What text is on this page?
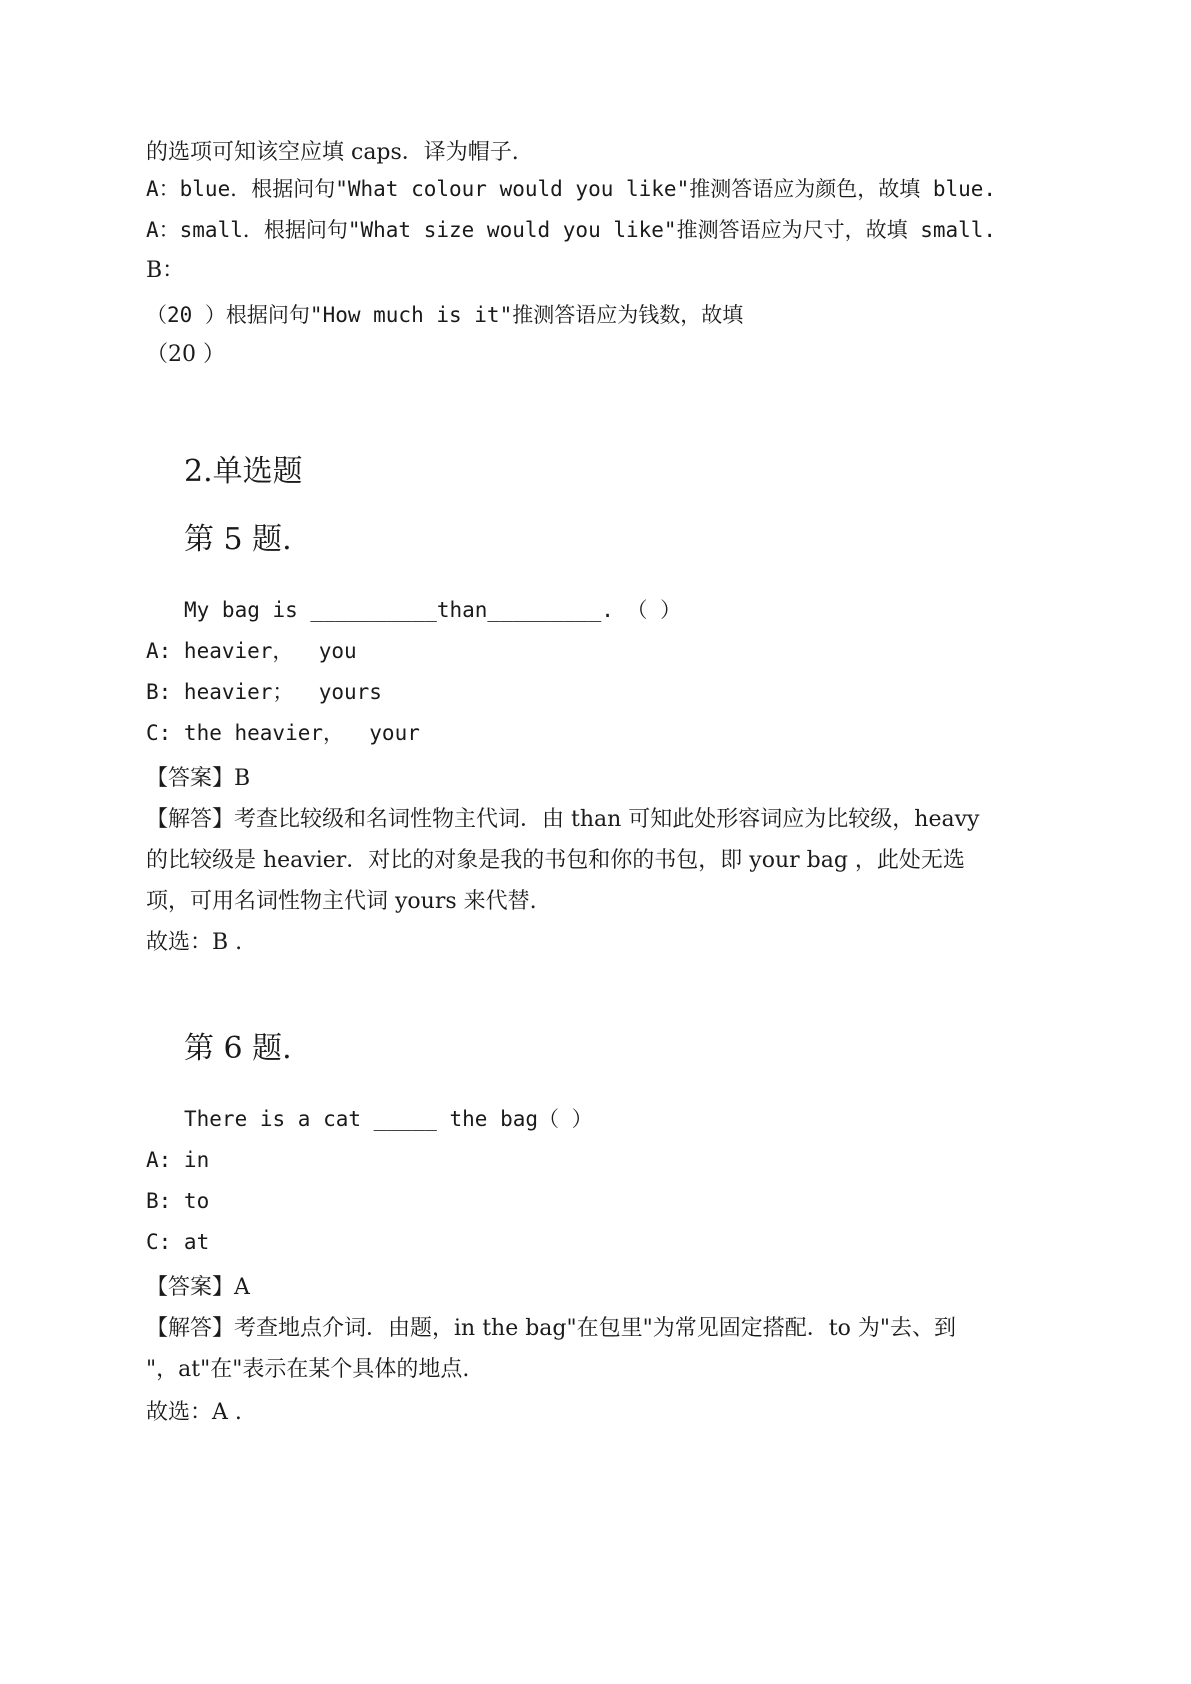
的选项可知该空应填 caps．译为帽子.
A：blue．根据问句"What colour would you like"推测答语应为颜色，故填 blue.
A：small．根据问句"What size would you like"推测答语应为尺寸，故填 small.
B：
（20 ）根据问句"How much is it"推测答语应为钱数，故填
（20 ）
2.单选题
第 5 题.
My bag is __________than_________. （ ）
A: heavier，  you
B: heavier；  yours
C: the heavier，  your
【答案】B
【解答】考查比较级和名词性物主代词．由 than 可知此处形容词应为比较级，heavy
的比较级是 heavier．对比的对象是我的书包和你的书包，即 your bag ，此处无选
项，可用名词性物主代词 yours 来代替.
故选：B .
第 6 题.
There is a cat _____ the bag（ ）
A: in
B: to
C: at
【答案】A
【解答】考查地点介词．由题，in the bag"在包里"为常见固定搭配．to 为"去、到
"，at"在"表示在某个具体的地点.
故选：A .
